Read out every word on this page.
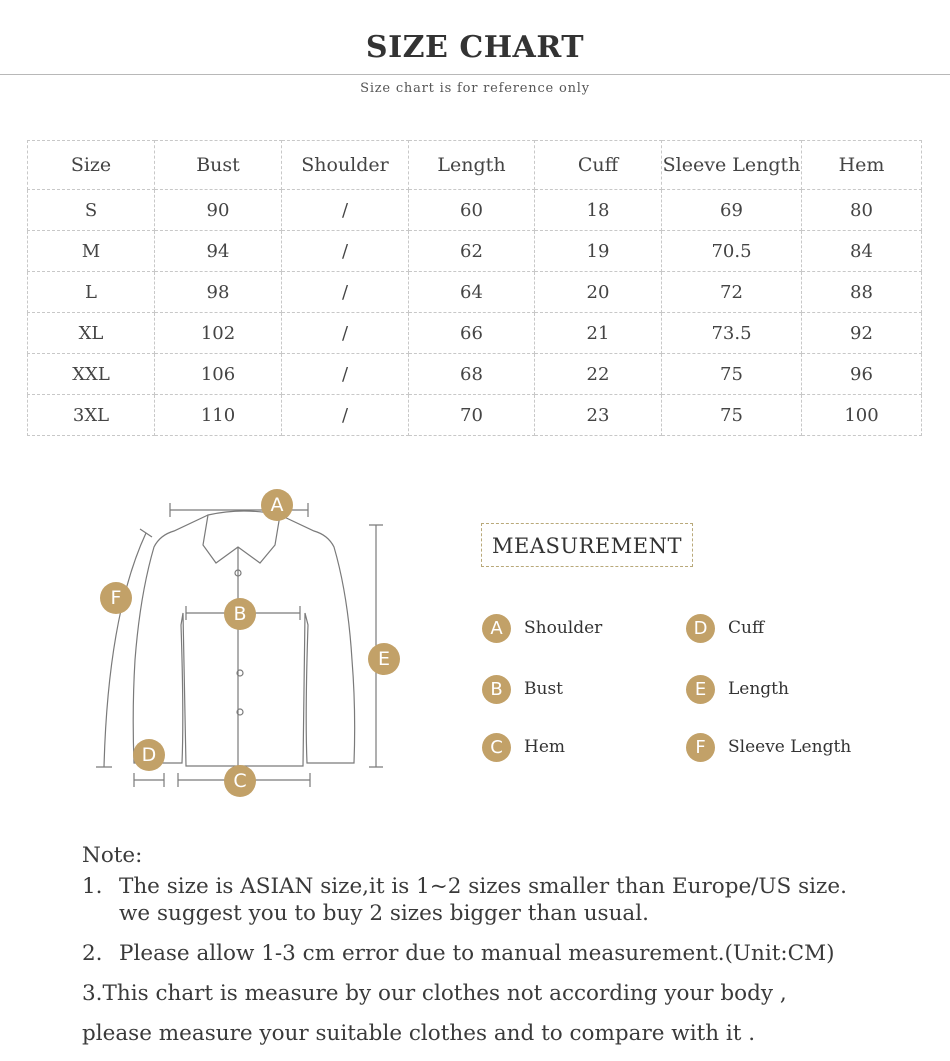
SIZE CHART
Size chart is for reference only
Size	Bust	Shoulder	Length	Cuff	Sleeve Length	Hem
S	90	/	60	18	69	80
M	94	/	62	19	70.5	84
L	98	/	64	20	72	88
XL	102	/	66	21	73.5	92
XXL	106	/	68	22	75	96
3XL	110	/	70	23	75	100
A
B
C
D
E
F
MEASUREMENT
A	Shoulder
B	Bust
C	Hem
D	Cuff
E	Length
F	Sleeve Length
Note:
1. The size is ASIAN size,it is 1~2 sizes smaller than Europe/US size.
we suggest you to buy 2 sizes bigger than usual.
2. Please allow 1-3 cm error due to manual measurement.(Unit:CM)
3.This chart is measure by our clothes not according your body ,
please measure your suitable clothes and to compare with it .
